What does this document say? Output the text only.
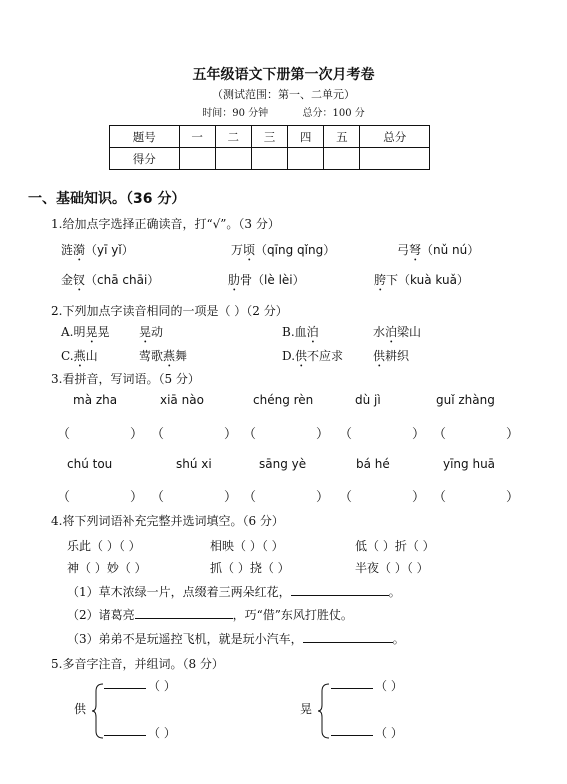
五年级语文下册第一次月考卷
（测试范围：第一、二单元）
时间：90 分钟	总分：100 分
题号	一	二	三	四	五	总分
得分						
一、基础知识。（36 分）
1.给加点字选择正确读音，打“√”。（3 分）
涟漪（yī yǐ）	万顷（qīng qǐng）	弓弩（nǔ nú）
金钗（chā chāi）	肋骨（lè lèi）	胯下（kuà kuǎ）
2.下列加点字读音相同的一项是（ ）（2 分）
A.明晃晃 晃动	B.血泊	水泊梁山
C.燕山	莺歌燕舞	D.供不应求 供耕织
3.看拼音，写词语。（5 分）
mà zha	xiā nào	chéng rèn	dù jì	guǐ zhàng
（	） （	） （	） （	） （	）
chú tou	shú xi	sāng yè	bá hé	yīng huā
（	） （	） （	） （	） （	）
4.将下列词语补充完整并选词填空。（6 分）
乐此（ ）（ ）	相映（ ）（ ）	低（ ）折（ ）
神（ ）妙（ ）	抓（ ）挠（ ）	半夜（ ）（ ）
（1）草木浓绿一片，点缀着三两朵红花，	。
（2）诸葛亮	，巧“借”东风打胜仗。
（3）弟弟不是玩遥控飞机，就是玩小汽车，	。
5.多音字注音，并组词。（8 分）
供
（ ）
（ ）
晃
（ ）
（ ）
